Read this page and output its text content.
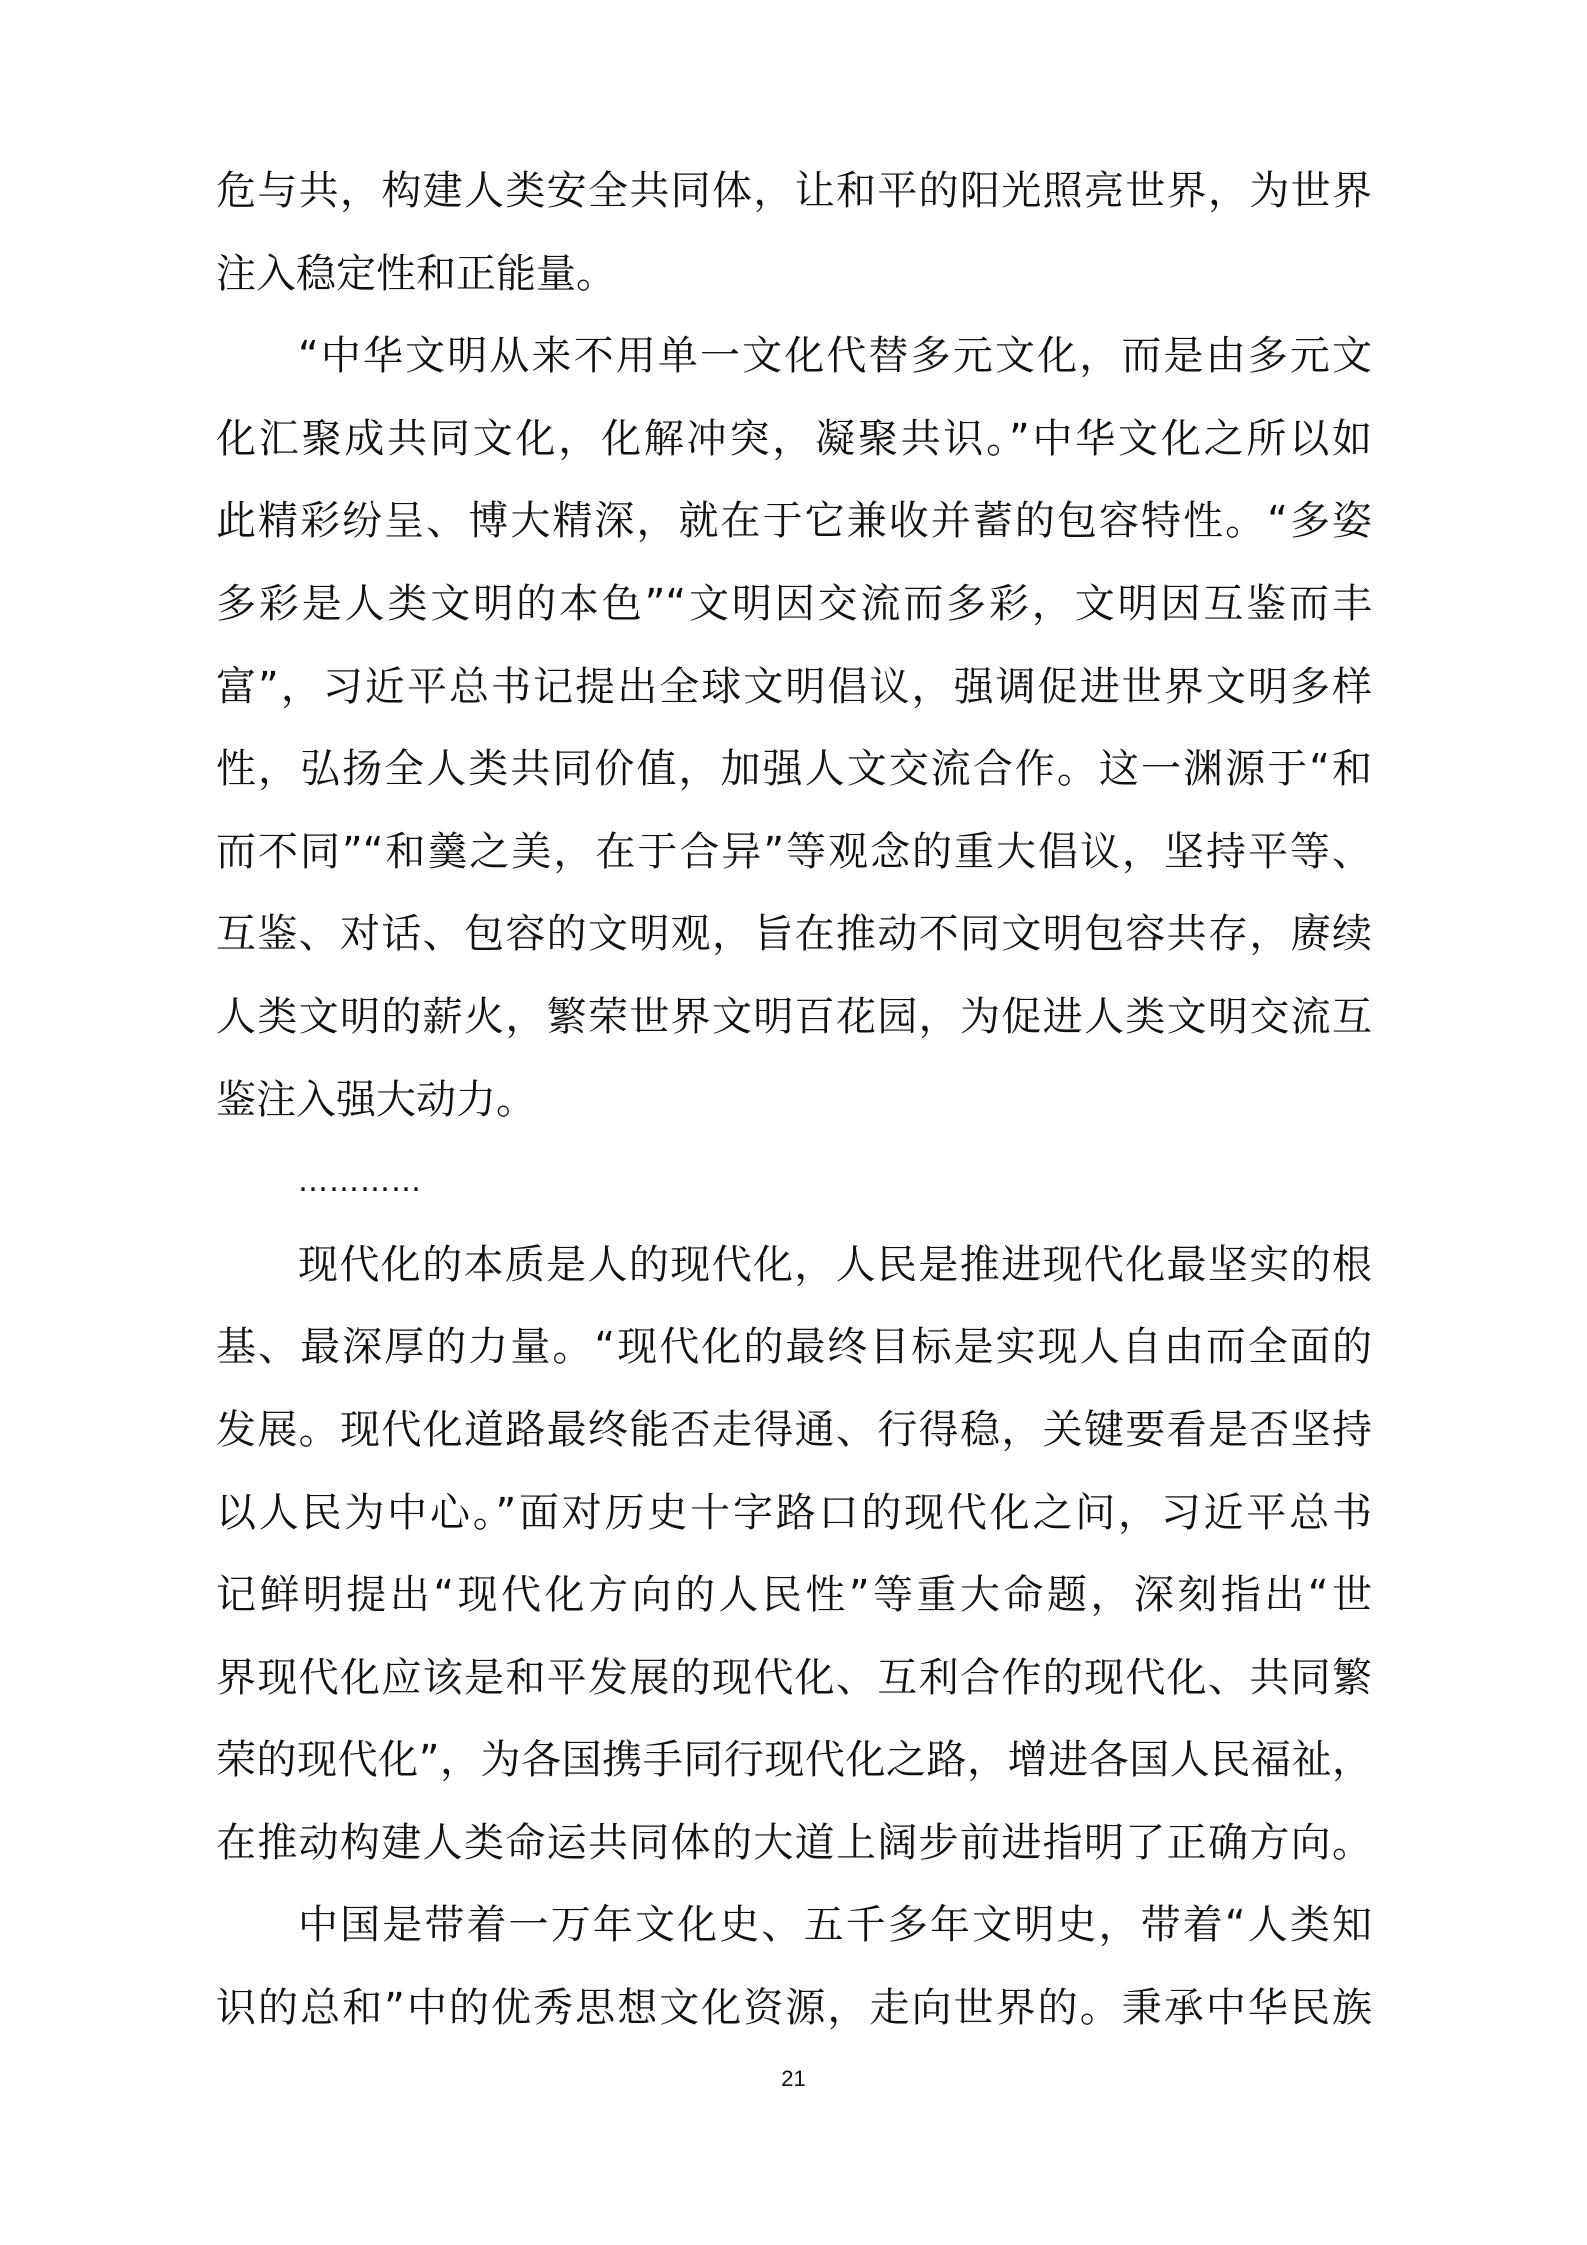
危与共，构建人类安全共同体，让和平的阳光照亮世界，为世界
注入稳定性和正能量。
“中华文明从来不用单一文化代替多元文化，而是由多元文
化汇聚成共同文化，化解冲突，凝聚共识。”中华文化之所以如
此精彩纷呈、博大精深，就在于它兼收并蓄的包容特性。“多姿
多彩是人类文明的本色”“文明因交流而多彩，文明因互鉴而丰
富”，习近平总书记提出全球文明倡议，强调促进世界文明多样
性，弘扬全人类共同价值，加强人文交流合作。这一渊源于“和
而不同”“和羹之美，在于合异”等观念的重大倡议，坚持平等、
互鉴、对话、包容的文明观，旨在推动不同文明包容共存，赓续
人类文明的薪火，繁荣世界文明百花园，为促进人类文明交流互
鉴注入强大动力。
…………
现代化的本质是人的现代化，人民是推进现代化最坚实的根
基、最深厚的力量。“现代化的最终目标是实现人自由而全面的
发展。现代化道路最终能否走得通、行得稳，关键要看是否坚持
以人民为中心。”面对历史十字路口的现代化之问，习近平总书
记鲜明提出“现代化方向的人民性”等重大命题，深刻指出“世
界现代化应该是和平发展的现代化、互利合作的现代化、共同繁
荣的现代化”，为各国携手同行现代化之路，增进各国人民福祉，
在推动构建人类命运共同体的大道上阔步前进指明了正确方向。
中国是带着一万年文化史、五千多年文明史，带着“人类知
识的总和”中的优秀思想文化资源，走向世界的。秉承中华民族
21
